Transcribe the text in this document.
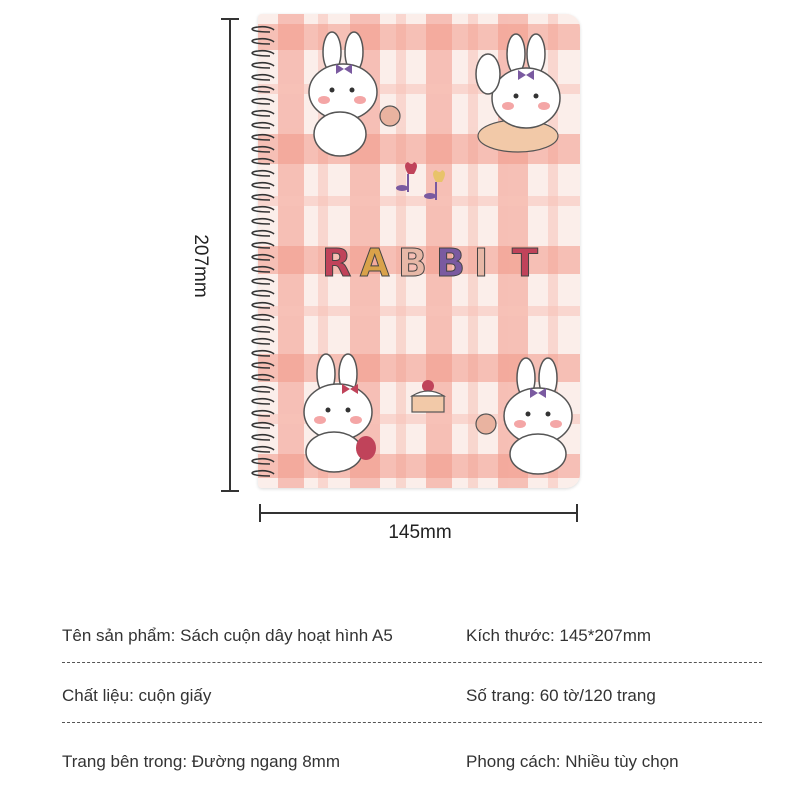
207mm
145mm
R A B B I T
Tên sản phẩm: Sách cuộn dây hoạt hình A5	Kích thước: 145*207mm
Chất liệu: cuộn giấy	Số trang: 60 tờ/120 trang
Trang bên trong: Đường ngang 8mm	Phong cách: Nhiều tùy chọn
